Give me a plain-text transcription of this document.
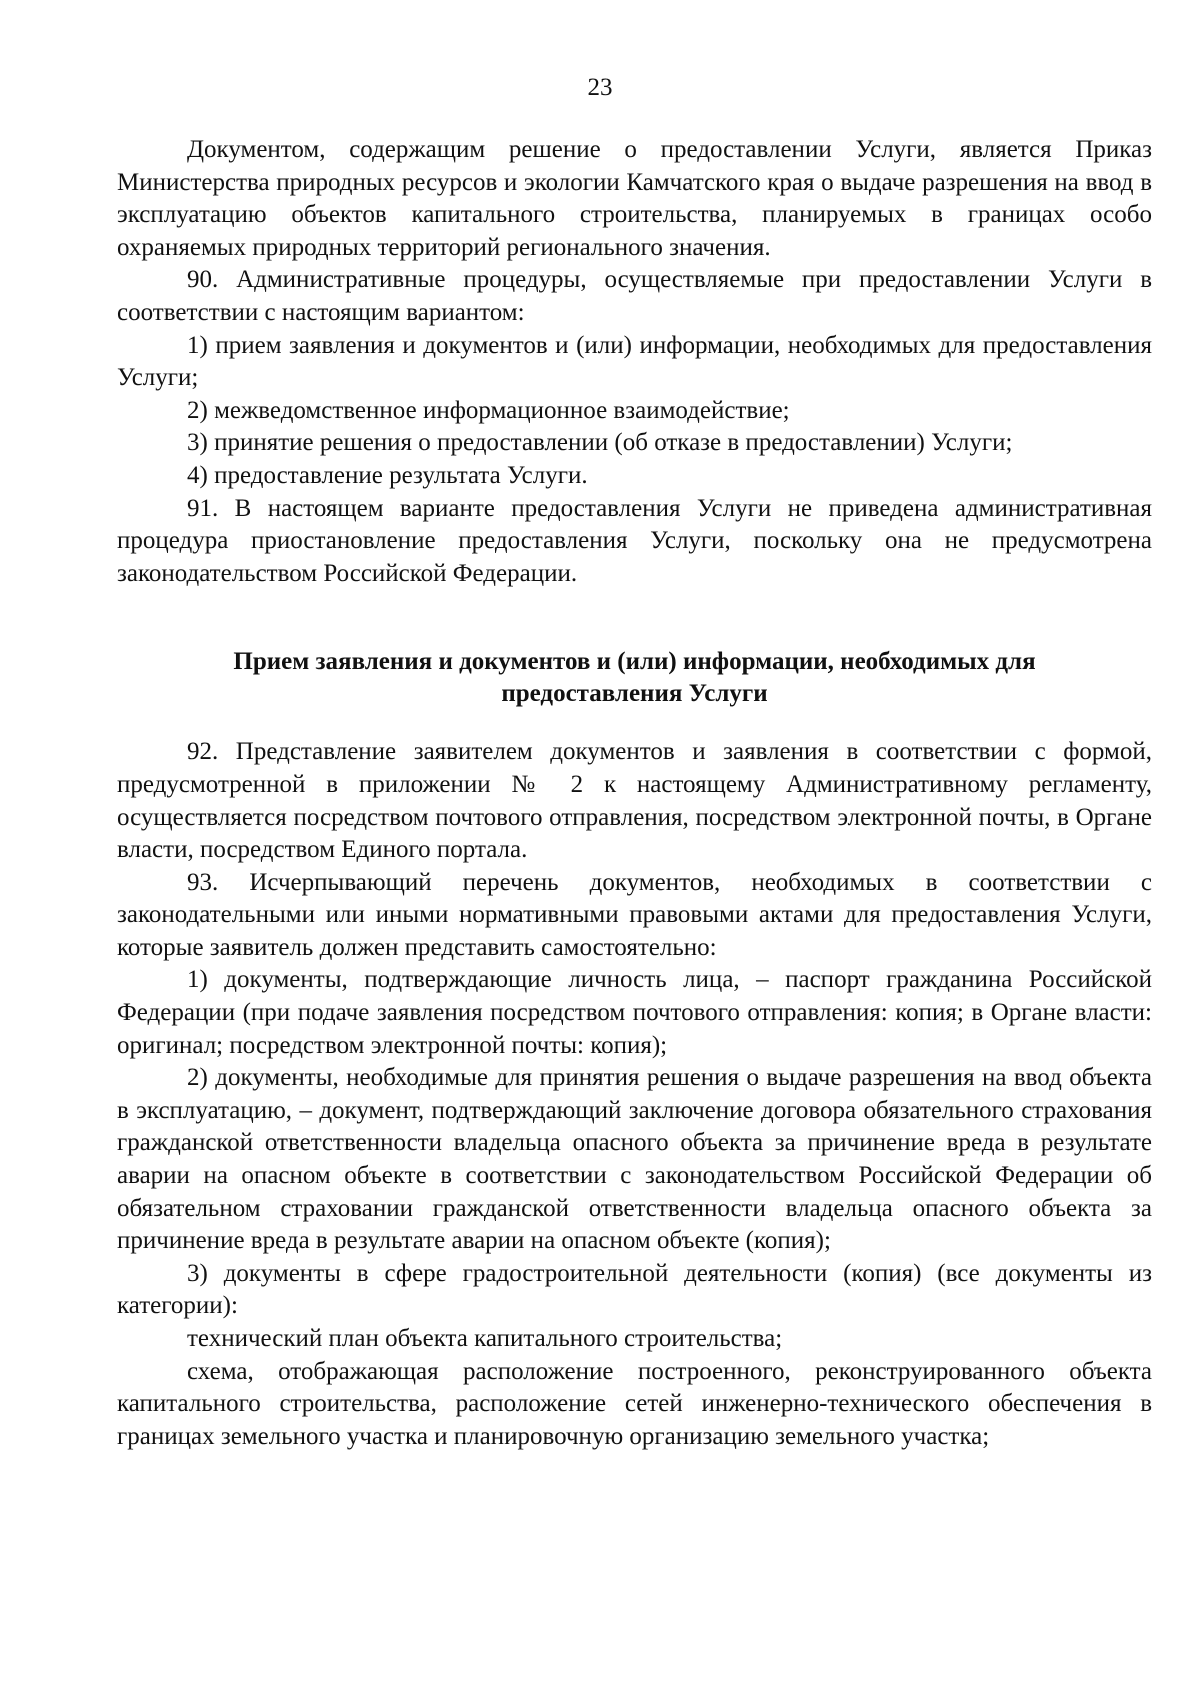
23

Документом, содержащим решение о предоставлении Услуги, является Приказ Министерства природных ресурсов и экологии Камчатского края о выдаче разрешения на ввод в эксплуатацию объектов капитального строительства, планируемых в границах особо охраняемых природных территорий регионального значения.

90. Административные процедуры, осуществляемые при предоставлении Услуги в соответствии с настоящим вариантом:

1) прием заявления и документов и (или) информации, необходимых для предоставления Услуги;

2) межведомственное информационное взаимодействие;

3) принятие решения о предоставлении (об отказе в предоставлении) Услуги;

4) предоставление результата Услуги.

91. В настоящем варианте предоставления Услуги не приведена административная процедура приостановление предоставления Услуги, поскольку она не предусмотрена законодательством Российской Федерации.

Прием заявления и документов и (или) информации, необходимых для
предоставления Услуги

92. Представление заявителем документов и заявления в соответствии с формой, предусмотренной в приложении № 2 к настоящему Административному регламенту, осуществляется посредством почтового отправления, посредством электронной почты, в Органе власти, посредством Единого портала.

93. Исчерпывающий перечень документов, необходимых в соответствии с законодательными или иными нормативными правовыми актами для предоставления Услуги, которые заявитель должен представить самостоятельно:

1) документы, подтверждающие личность лица, – паспорт гражданина Российской Федерации (при подаче заявления посредством почтового отправления: копия; в Органе власти: оригинал; посредством электронной почты: копия);

2) документы, необходимые для принятия решения о выдаче разрешения на ввод объекта в эксплуатацию, – документ, подтверждающий заключение договора обязательного страхования гражданской ответственности владельца опасного объекта за причинение вреда в результате аварии на опасном объекте в соответствии с законодательством Российской Федерации об обязательном страховании гражданской ответственности владельца опасного объекта за причинение вреда в результате аварии на опасном объекте (копия);

3) документы в сфере градостроительной деятельности (копия) (все документы из категории):

технический план объекта капитального строительства;

схема, отображающая расположение построенного, реконструированного объекта капитального строительства, расположение сетей инженерно-технического обеспечения в границах земельного участка и планировочную организацию земельного участка;
